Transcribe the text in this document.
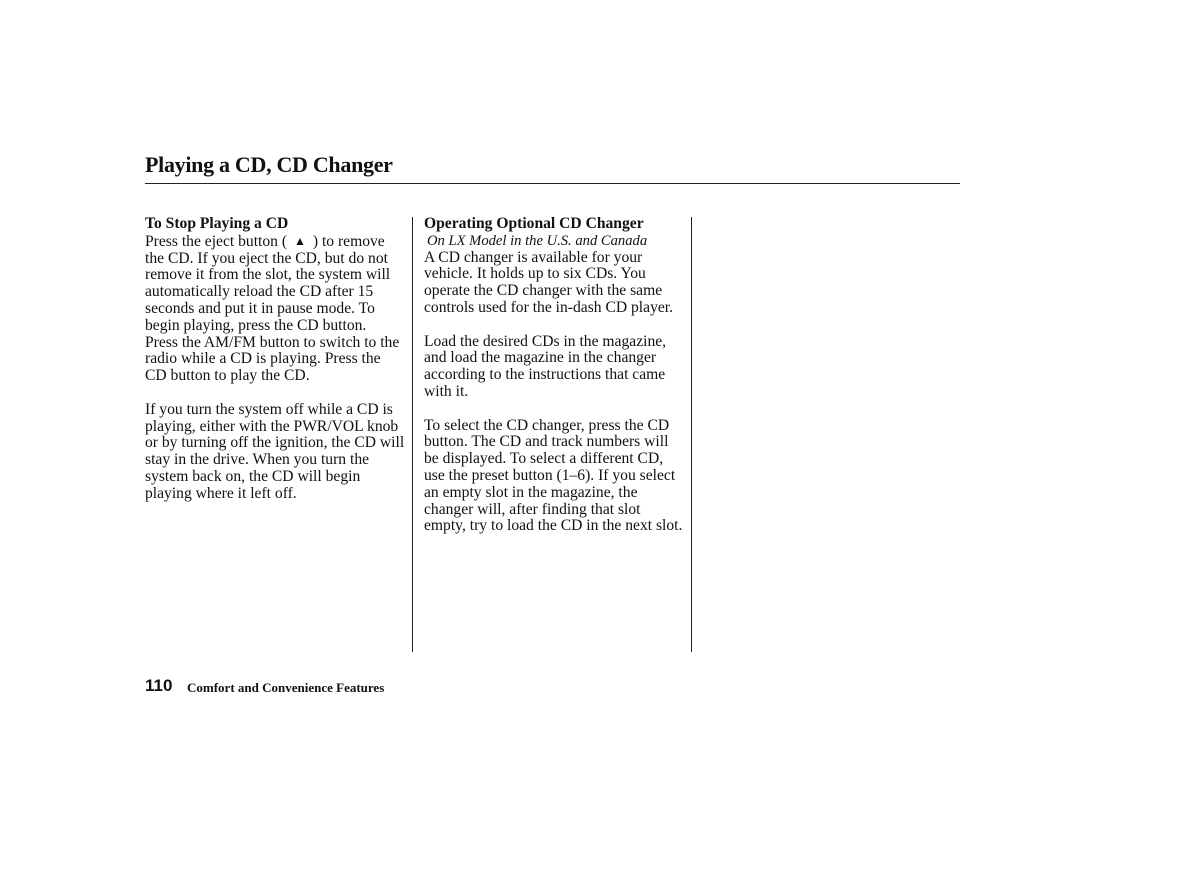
Playing a CD, CD Changer
To Stop Playing a CD

Press the eject button ( ▲ ) to remove the CD. If you eject the CD, but do not remove it from the slot, the system will automatically reload the CD after 15 seconds and put it in pause mode. To begin playing, press the CD button.

Press the AM/FM button to switch to the radio while a CD is playing. Press the CD button to play the CD.

If you turn the system off while a CD is playing, either with the PWR/VOL knob or by turning off the ignition, the CD will stay in the drive. When you turn the system back on, the CD will begin playing where it left off.

Operating Optional CD Changer
On LX Model in the U.S. and Canada

A CD changer is available for your vehicle. It holds up to six CDs. You operate the CD changer with the same controls used for the in-dash CD player.

Load the desired CDs in the magazine, and load the magazine in the changer according to the instructions that came with it.

To select the CD changer, press the CD button. The CD and track numbers will be displayed. To select a different CD, use the preset button (1–6). If you select an empty slot in the magazine, the changer will, after finding that slot empty, try to load the CD in the next slot.

110 Comfort and Convenience Features
